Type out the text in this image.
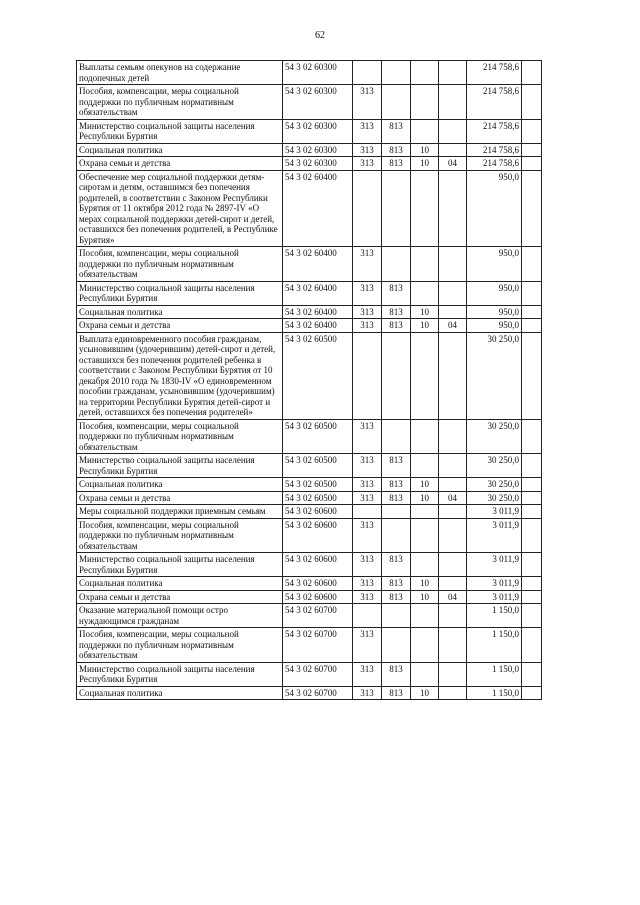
62
Выплаты семьям опекунов на содержание подопечных детей	54 3 02 60300					214 758,6	
Пособия, компенсации, меры социальной поддержки по публичным нормативным обязательствам	54 3 02 60300	313				214 758,6	
Министерство социальной защиты населения Республики Бурятия	54 3 02 60300	313	813			214 758,6	
Социальная политика	54 3 02 60300	313	813	10		214 758,6	
Охрана семьи и детства	54 3 02 60300	313	813	10	04	214 758,6	
Обеспечение мер социальной поддержки детям-сиротам и детям, оставшимся без попечения родителей, в соответствии с Законом Республики Бурятия от 11 октября 2012 года № 2897-IV «О мерах социальной поддержки детей-сирот и детей, оставшихся без попечения родителей, в Республике Бурятия»	54 3 02 60400					950,0	
Пособия, компенсации, меры социальной поддержки по публичным нормативным обязательствам	54 3 02 60400	313				950,0	
Министерство социальной защиты населения Республики Бурятия	54 3 02 60400	313	813			950,0	
Социальная политика	54 3 02 60400	313	813	10		950,0	
Охрана семьи и детства	54 3 02 60400	313	813	10	04	950,0	
Выплата единовременного пособия гражданам, усыновившим (удочерившим) детей-сирот и детей, оставшихся без попечения родителей ребенка в соответствии с Законом Республики Бурятия от 10 декабря 2010 года № 1830-IV «О единовременном пособии гражданам, усыновившим (удочерившим) на территории Республики Бурятия детей-сирот и детей, оставшихся без попечения родителей»	54 3 02 60500					30 250,0	
Пособия, компенсации, меры социальной поддержки по публичным нормативным обязательствам	54 3 02 60500	313				30 250,0	
Министерство социальной защиты населения Республики Бурятия	54 3 02 60500	313	813			30 250,0	
Социальная политика	54 3 02 60500	313	813	10		30 250,0	
Охрана семьи и детства	54 3 02 60500	313	813	10	04	30 250,0	
Меры социальной поддержки приемным семьям	54 3 02 60600					3 011,9	
Пособия, компенсации, меры социальной поддержки по публичным нормативным обязательствам	54 3 02 60600	313				3 011,9	
Министерство социальной защиты населения Республики Бурятия	54 3 02 60600	313	813			3 011,9	
Социальная политика	54 3 02 60600	313	813	10		3 011,9	
Охрана семьи и детства	54 3 02 60600	313	813	10	04	3 011,9	
Оказание материальной помощи остро нуждающимся гражданам	54 3 02 60700					1 150,0	
Пособия, компенсации, меры социальной поддержки по публичным нормативным обязательствам	54 3 02 60700	313				1 150,0	
Министерство социальной защиты населения Республики Бурятия	54 3 02 60700	313	813			1 150,0	
Социальная политика	54 3 02 60700	313	813	10		1 150,0	
